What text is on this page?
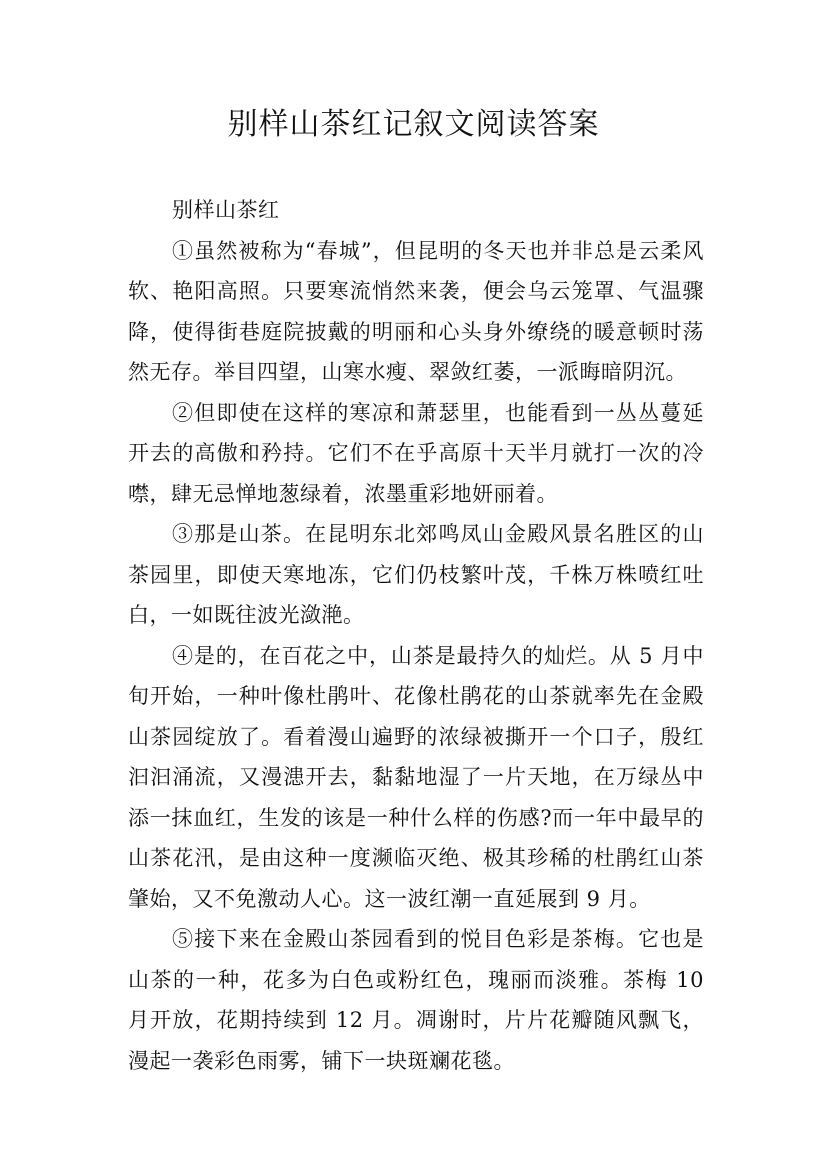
别样山茶红记叙文阅读答案
别样山茶红

①虽然被称为“春城”，但昆明的冬天也并非总是云柔风软、艳阳高照。只要寒流悄然来袭，便会乌云笼罩、气温骤降，使得街巷庭院披戴的明丽和心头身外缭绕的暖意顿时荡然无存。举目四望，山寒水瘦、翠敛红萎，一派晦暗阴沉。

②但即使在这样的寒凉和萧瑟里，也能看到一丛丛蔓延开去的高傲和矜持。它们不在乎高原十天半月就打一次的冷噤，肆无忌惮地葱绿着，浓墨重彩地妍丽着。

③那是山茶。在昆明东北郊鸣凤山金殿风景名胜区的山茶园里，即使天寒地冻，它们仍枝繁叶茂，千株万株喷红吐白，一如既往波光潋滟。

④是的，在百花之中，山茶是最持久的灿烂。从 5 月中旬开始，一种叶像杜鹃叶、花像杜鹃花的山茶就率先在金殿山茶园绽放了。看着漫山遍野的浓绿被撕开一个口子，殷红汩汩涌流，又漫漶开去，黏黏地湿了一片天地，在万绿丛中添一抹血红，生发的该是一种什么样的伤感?而一年中最早的山茶花汛，是由这种一度濒临灭绝、极其珍稀的杜鹃红山茶肇始，又不免激动人心。这一波红潮一直延展到 9 月。

⑤接下来在金殿山茶园看到的悦目色彩是茶梅。它也是山茶的一种，花多为白色或粉红色，瑰丽而淡雅。茶梅 10 月开放，花期持续到 12 月。凋谢时，片片花瓣随风飘飞，漫起一袭彩色雨雾，铺下一块斑斓花毯。
